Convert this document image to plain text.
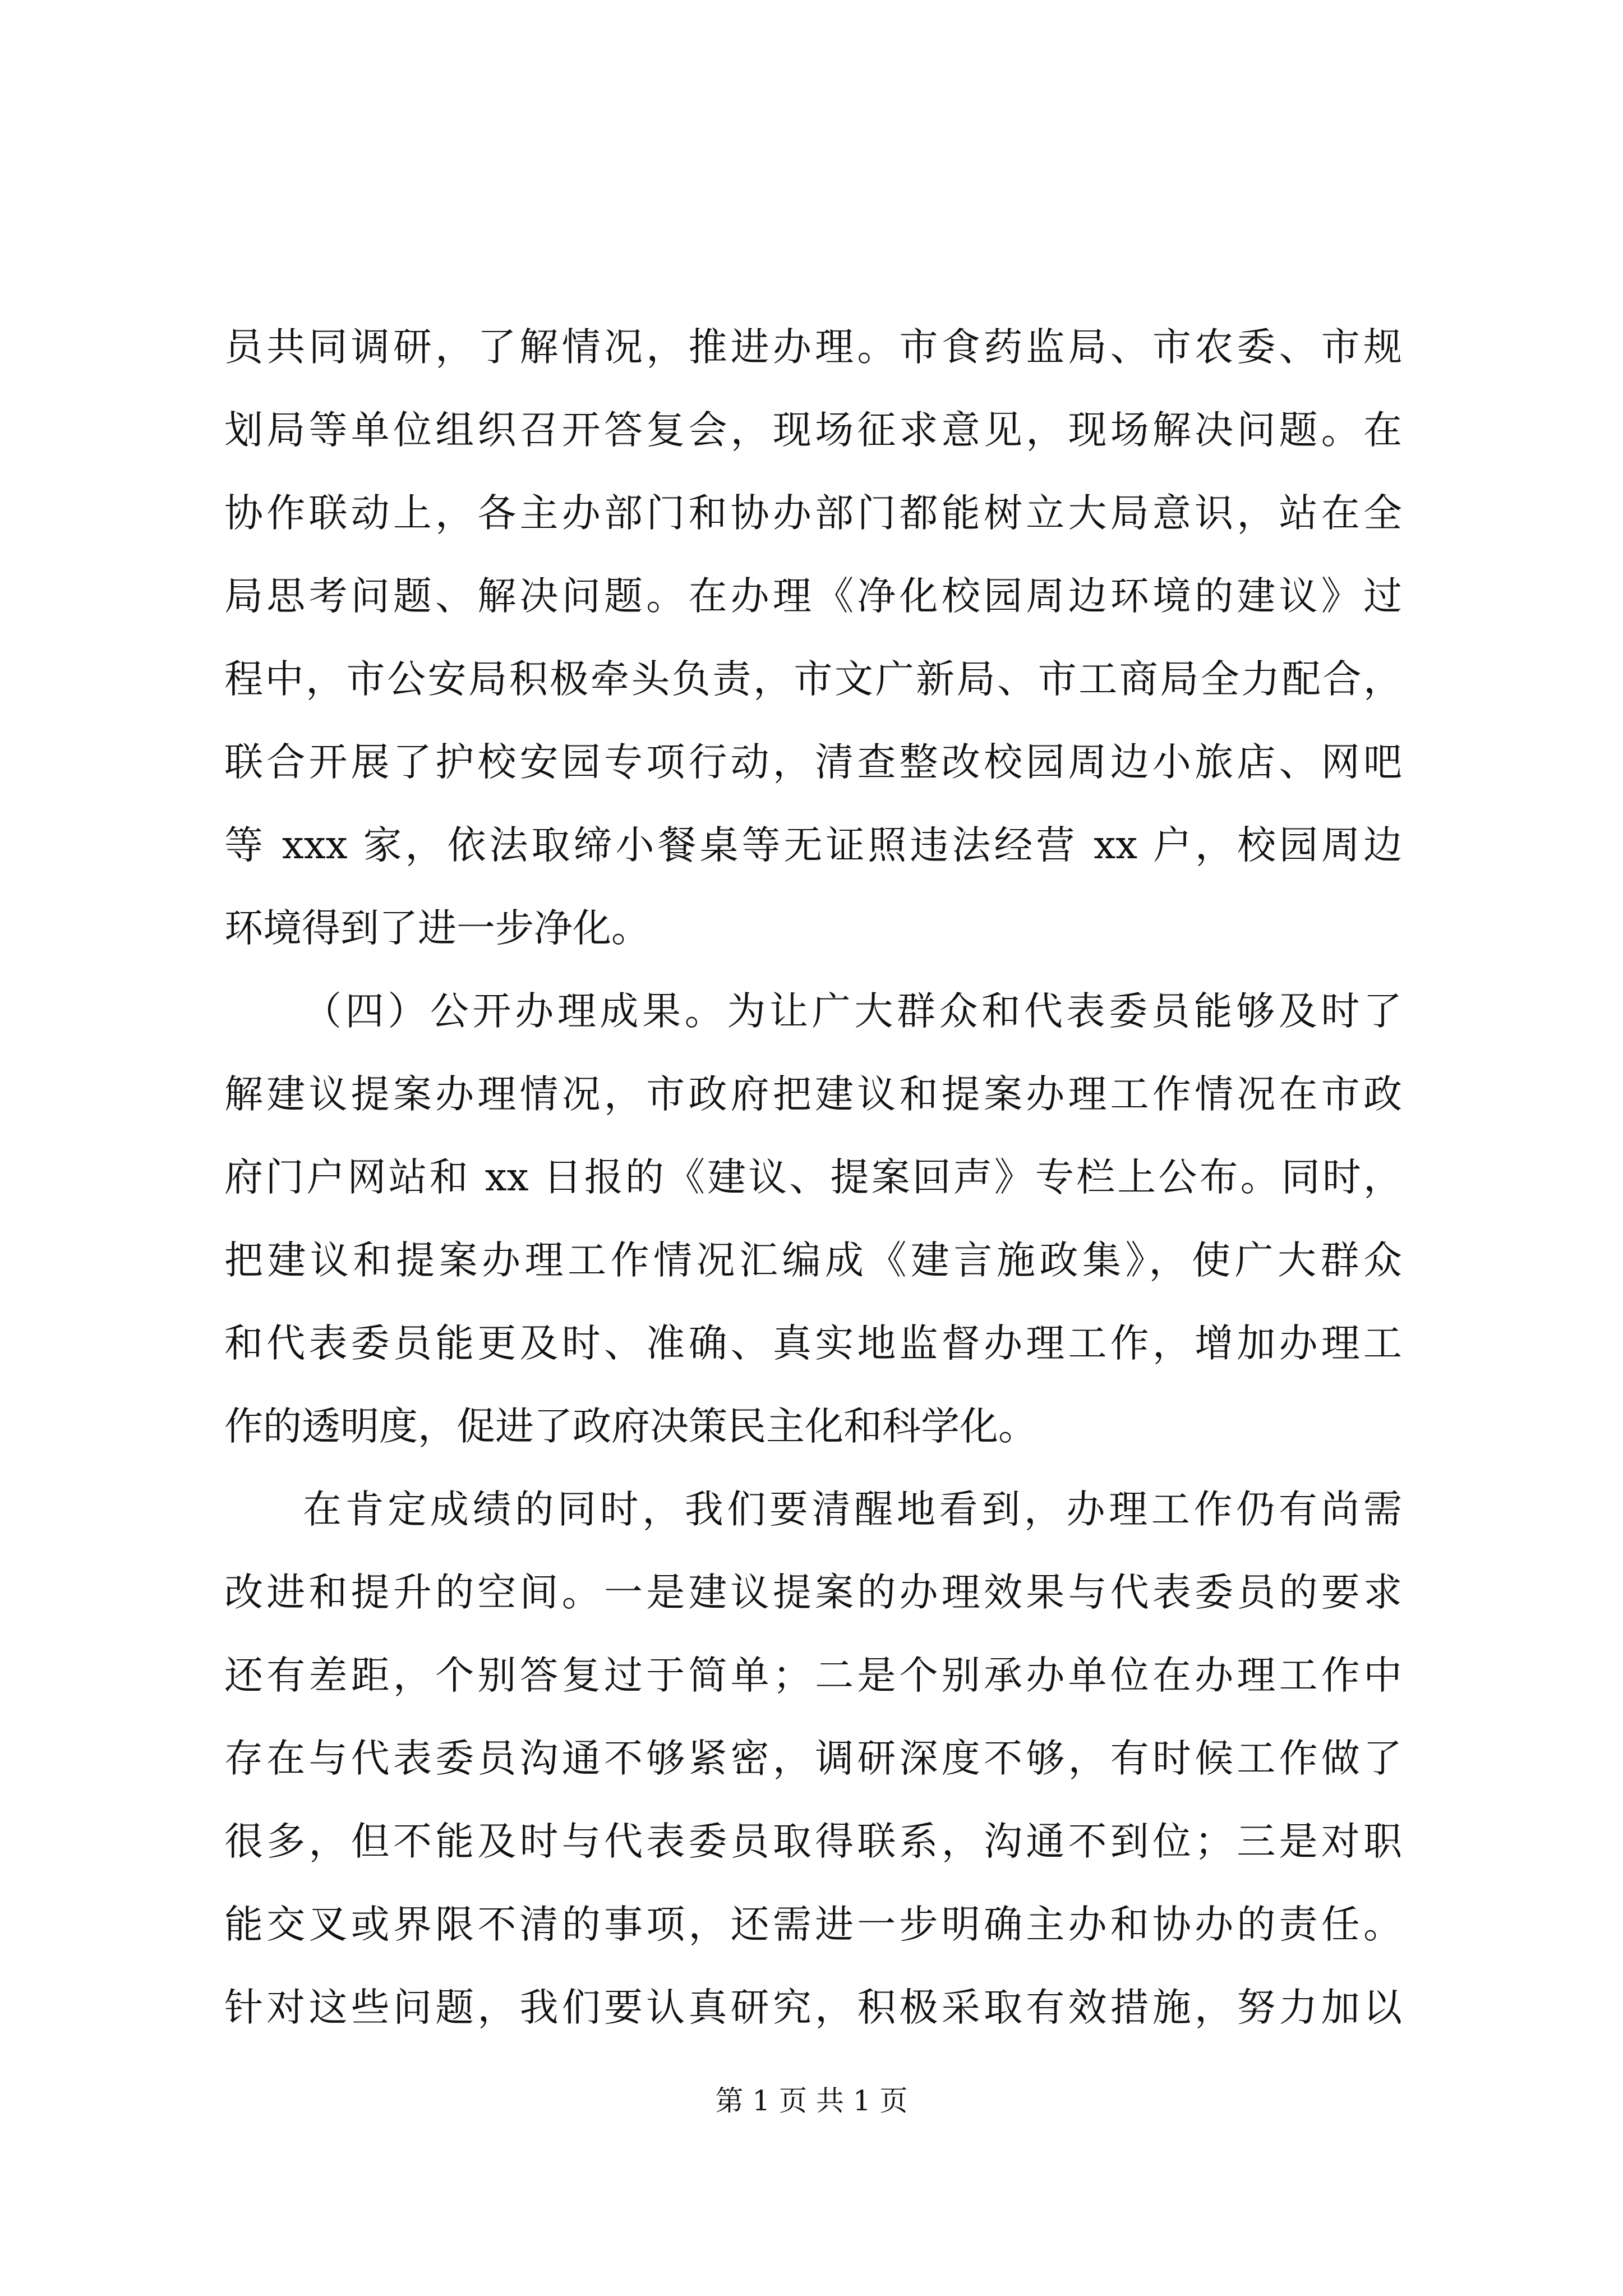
员共同调研，了解情况，推进办理。市食药监局、市农委、市规
划局等单位组织召开答复会，现场征求意见，现场解决问题。在
协作联动上，各主办部门和协办部门都能树立大局意识，站在全
局思考问题、解决问题。在办理《净化校园周边环境的建议》过
程中，市公安局积极牵头负责，市文广新局、市工商局全力配合，
联合开展了护校安园专项行动，清查整改校园周边小旅店、网吧
等 xxx 家，依法取缔小餐桌等无证照违法经营 xx 户，校园周边
环境得到了进一步净化。
（四）公开办理成果。为让广大群众和代表委员能够及时了
解建议提案办理情况，市政府把建议和提案办理工作情况在市政
府门户网站和 xx 日报的《建议、提案回声》专栏上公布。同时，
把建议和提案办理工作情况汇编成《建言施政集》，使广大群众
和代表委员能更及时、准确、真实地监督办理工作，增加办理工
作的透明度，促进了政府决策民主化和科学化。
在肯定成绩的同时，我们要清醒地看到，办理工作仍有尚需
改进和提升的空间。一是建议提案的办理效果与代表委员的要求
还有差距，个别答复过于简单；二是个别承办单位在办理工作中
存在与代表委员沟通不够紧密，调研深度不够，有时候工作做了
很多，但不能及时与代表委员取得联系，沟通不到位；三是对职
能交叉或界限不清的事项，还需进一步明确主办和协办的责任。
针对这些问题，我们要认真研究，积极采取有效措施，努力加以
第 1 页 共 1 页
